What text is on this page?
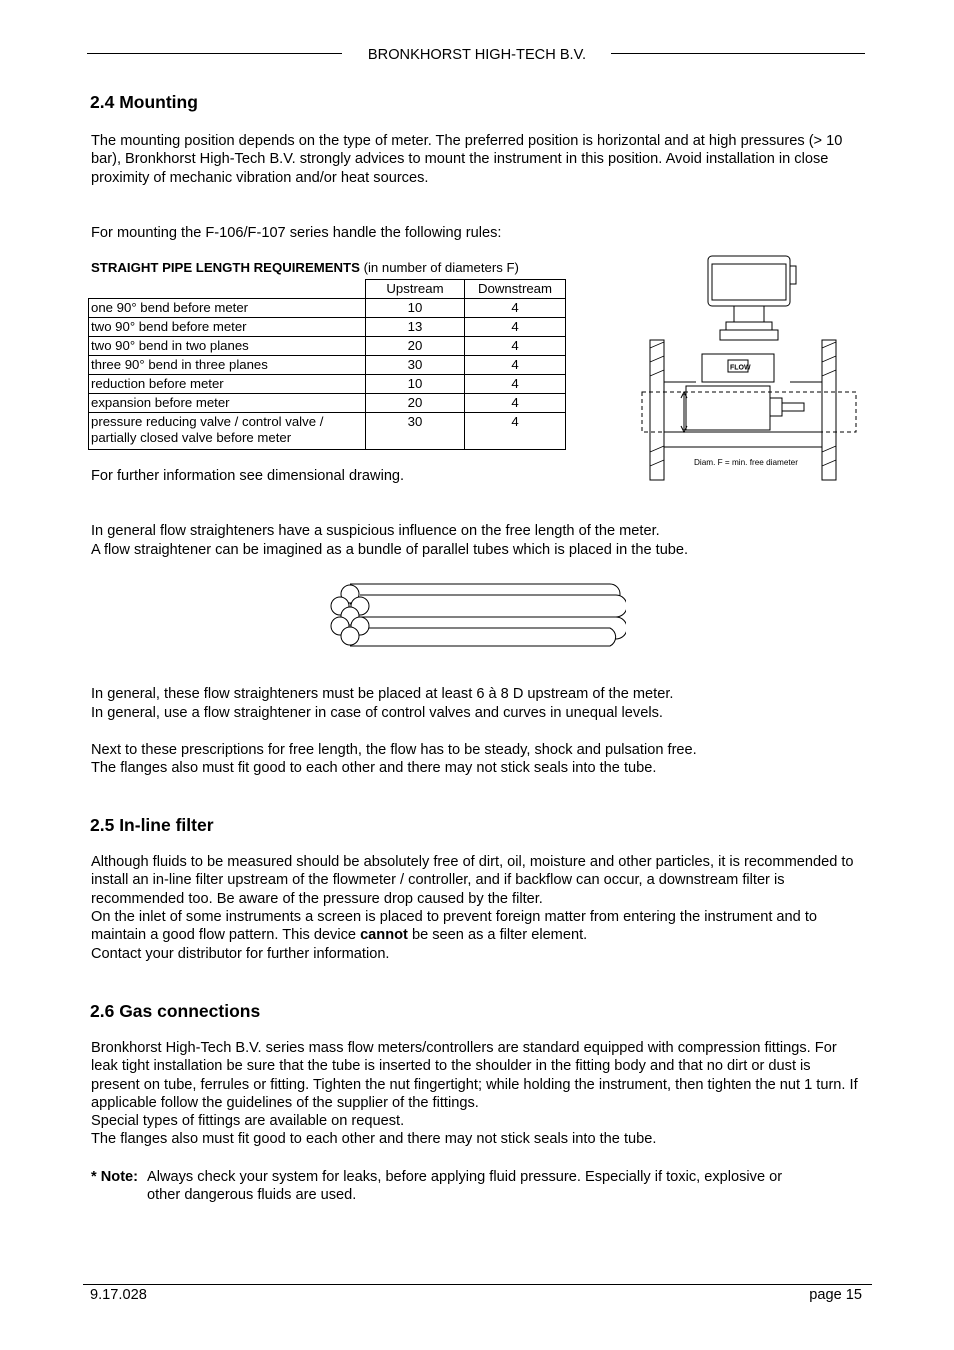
BRONKHORST HIGH-TECH B.V.
2.4 Mounting

The mounting position depends on the type of meter. The preferred position is horizontal and at high pressures (> 10 bar), Bronkhorst High-Tech B.V. strongly advices to mount the instrument in this position. Avoid installation in close proximity of mechanic vibration and/or heat sources.

For mounting the F-106/F-107 series handle the following rules:

STRAIGHT PIPE LENGTH REQUIREMENTS (in number of diameters F)
	Upstream	Downstream
one 90° bend before meter	10	4
two 90° bend before meter	13	4
two 90° bend in two planes	20	4
three 90° bend in three planes	30	4
reduction before meter	10	4
expansion before meter	20	4
pressure reducing valve / control valve / partially closed valve before meter	30	4

For further information see dimensional drawing.

FLOW
Diam. F = min. free diameter

In general flow straighteners have a suspicious influence on the free length of the meter.

A flow straightener can be imagined as a bundle of parallel tubes which is placed in the tube.

In general, these flow straighteners must be placed at least 6 à 8 D upstream of the meter.

In general, use a flow straightener in case of control valves and curves in unequal levels.

Next to these prescriptions for free length, the flow has to be steady, shock and pulsation free.

The flanges also must fit good to each other and there may not stick seals into the tube.

2.5 In-line filter

Although fluids to be measured should be absolutely free of dirt, oil, moisture and other particles, it is recommended to install an in-line filter upstream of the flowmeter / controller, and if backflow can occur, a downstream filter is recommended too. Be aware of the pressure drop caused by the filter.

On the inlet of some instruments a screen is placed to prevent foreign matter from entering the instrument and to maintain a good flow pattern. This device cannot be seen as a filter element.

Contact your distributor for further information.

2.6 Gas connections

Bronkhorst High-Tech B.V. series mass flow meters/controllers are standard equipped with compression fittings. For leak tight installation be sure that the tube is inserted to the shoulder in the fitting body and that no dirt or dust is present on tube, ferrules or fitting. Tighten the nut fingertight; while holding the instrument, then tighten the nut 1 turn. If applicable follow the guidelines of the supplier of the fittings.

Special types of fittings are available on request.

The flanges also must fit good to each other and there may not stick seals into the tube.

* Note: Always check your system for leaks, before applying fluid pressure. Especially if toxic, explosive or
other dangerous fluids are used.
9.17.028	page 15
